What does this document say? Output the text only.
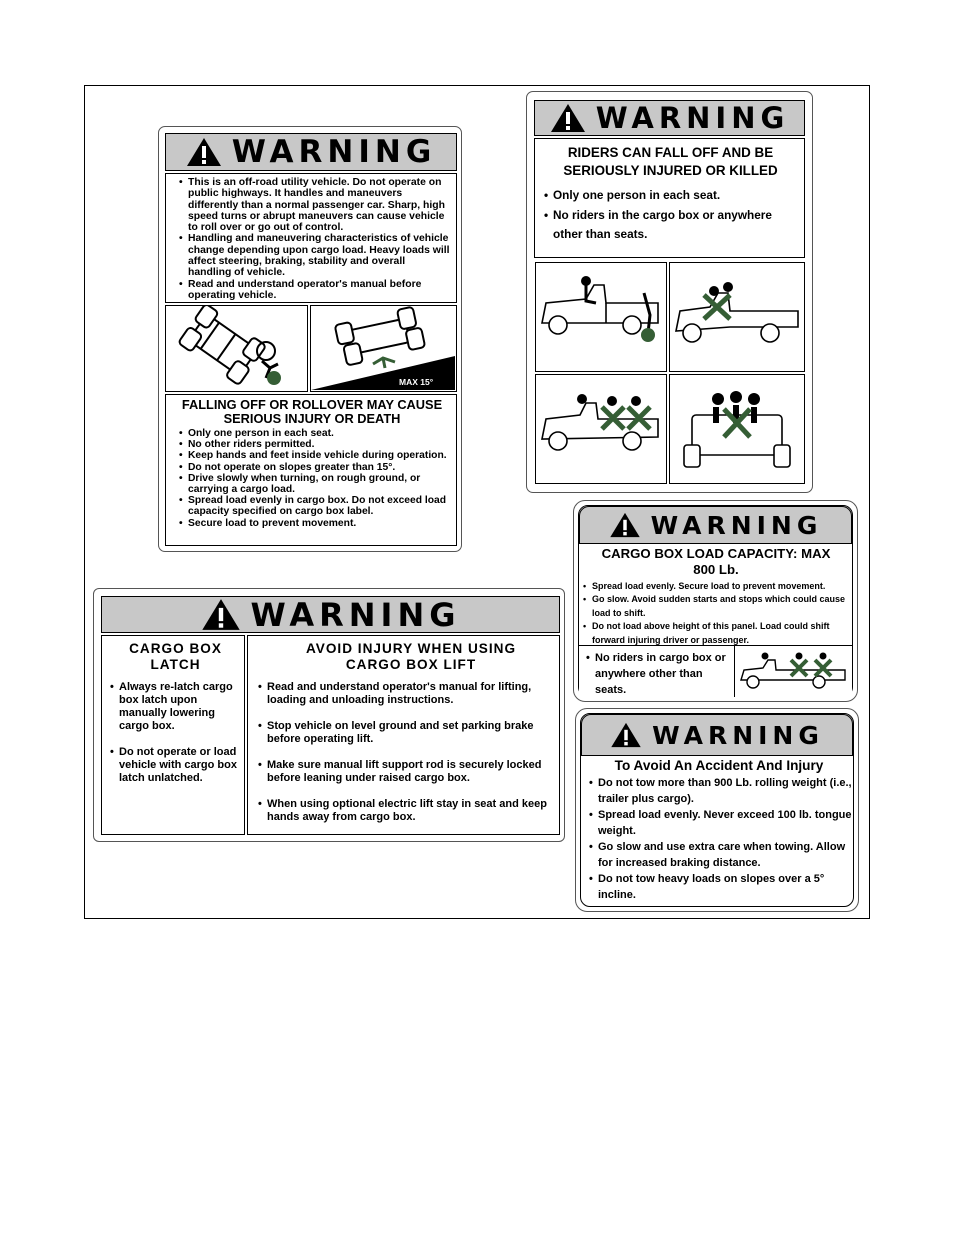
WARNING
• This is an off-road utility vehicle. Do not operate on public highways. It handles and maneuvers differently than a normal passenger car. Sharp, high speed turns or abrupt maneuvers can cause vehicle to roll over or go out of control.
• Handling and maneuvering characteristics of vehicle change depending upon cargo load. Heavy loads will affect steering, braking, stability and overall handling of vehicle.
• Read and understand operator's manual before operating vehicle.
MAX 15°
FALLING OFF OR ROLLOVER MAY CAUSE SERIOUS INJURY OR DEATH
• Only one person in each seat.
• No other riders permitted.
• Keep hands and feet inside vehicle during operation.
• Do not operate on slopes greater than 15°.
• Drive slowly when turning, on rough ground, or carrying a cargo load.
• Spread load evenly in cargo box. Do not exceed load capacity specified on cargo box label.
• Secure load to prevent movement.
WARNING
RIDERS CAN FALL OFF AND BE SERIOUSLY INJURED OR KILLED
• Only one person in each seat.
• No riders in the cargo box or anywhere other than seats.
WARNING
CARGO BOX LOAD CAPACITY: MAX 800 Lb.
• Spread load evenly. Secure load to prevent movement.
• Go slow. Avoid sudden starts and stops which could cause load to shift.
• Do not load above height of this panel. Load could shift forward injuring driver or passenger.
• No riders in cargo box or anywhere other than seats.
WARNING
To Avoid An Accident And Injury
• Do not tow more than 900 Lb. rolling weight (i.e., trailer plus cargo).
• Spread load evenly. Never exceed 100 lb. tongue weight.
• Go slow and use extra care when towing. Allow for increased braking distance.
• Do not tow heavy loads on slopes over a 5° incline.
WARNING
CARGO BOX LATCH
• Always re-latch cargo box latch upon manually lowering cargo box.
• Do not operate or load vehicle with cargo box latch unlatched.
AVOID INJURY WHEN USING CARGO BOX LIFT
• Read and understand operator's manual for lifting, loading and unloading instructions.
• Stop vehicle on level ground and set parking brake before operating lift.
• Make sure manual lift support rod is securely locked before leaning under raised cargo box.
• When using optional electric lift stay in seat and keep hands away from cargo box.
